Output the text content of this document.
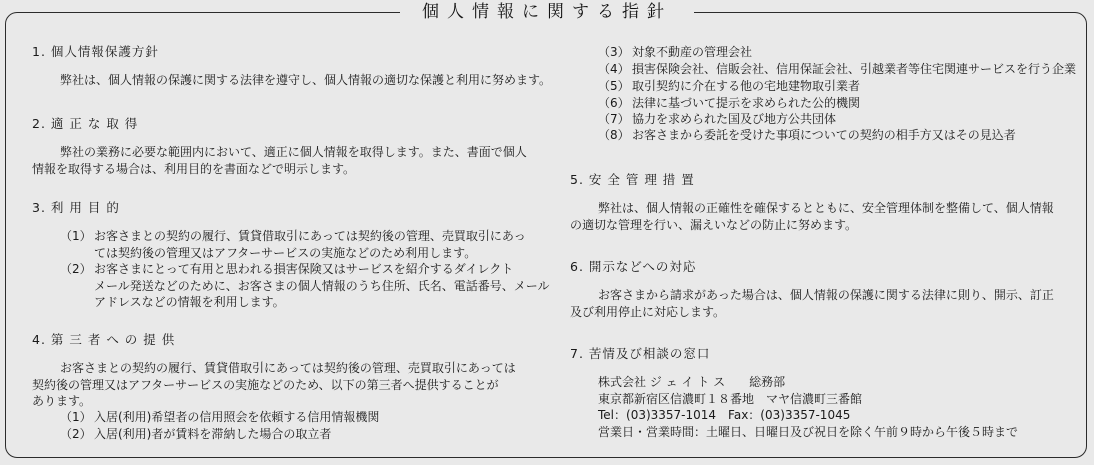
個人情報に関する指針
1. 個人情報保護方針
弊社は、個人情報の保護に関する法律を遵守し、個人情報の適切な保護と利用に努めます。
2. 適 正 な 取 得
弊社の業務に必要な範囲内において、適正に個人情報を取得します。また、書面で個人
情報を取得する場合は、利用目的を書面などで明示します。
3. 利 用 目 的
（1） お客さまとの契約の履行、賃貸借取引にあっては契約後の管理、売買取引にあっ
ては契約後の管理又はアフターサービスの実施などのため利用します。
（2） お客さまにとって有用と思われる損害保険又はサービスを紹介するダイレクト
メール発送などのために、お客さまの個人情報のうち住所、氏名、電話番号、メール
アドレスなどの情報を利用します。
4. 第 三 者 へ の 提 供
お客さまとの契約の履行、賃貸借取引にあっては契約後の管理、売買取引にあっては
契約後の管理又はアフターサービスの実施などのため、以下の第三者へ提供することが
あります。
（1） 入居(利用)希望者の信用照会を依頼する信用情報機関
（2） 入居(利用)者が賃料を滞納した場合の取立者
（3） 対象不動産の管理会社
（4） 損害保険会社、信販会社、信用保証会社、引越業者等住宅関連サービスを行う企業
（5） 取引契約に介在する他の宅地建物取引業者
（6） 法律に基づいて提示を求められた公的機関
（7） 協力を求められた国及び地方公共団体
（8） お客さまから委託を受けた事項についての契約の相手方又はその見込者
5. 安 全 管 理 措 置
弊社は、個人情報の正確性を確保するとともに、安全管理体制を整備して、個人情報
の適切な管理を行い、漏えいなどの防止に努めます。
6. 開示などへの対応
お客さまから請求があった場合は、個人情報の保護に関する法律に則り、開示、訂正
及び利用停止に対応します。
7. 苦情及び相談の窓口
株式会社 ジ ェ イ ト ス　　総務部
東京都新宿区信濃町１８番地　マヤ信濃町三番館
Tel：(03)3357-1014　Fax：(03)3357-1045
営業日・営業時間：土曜日、日曜日及び祝日を除く午前９時から午後５時まで
